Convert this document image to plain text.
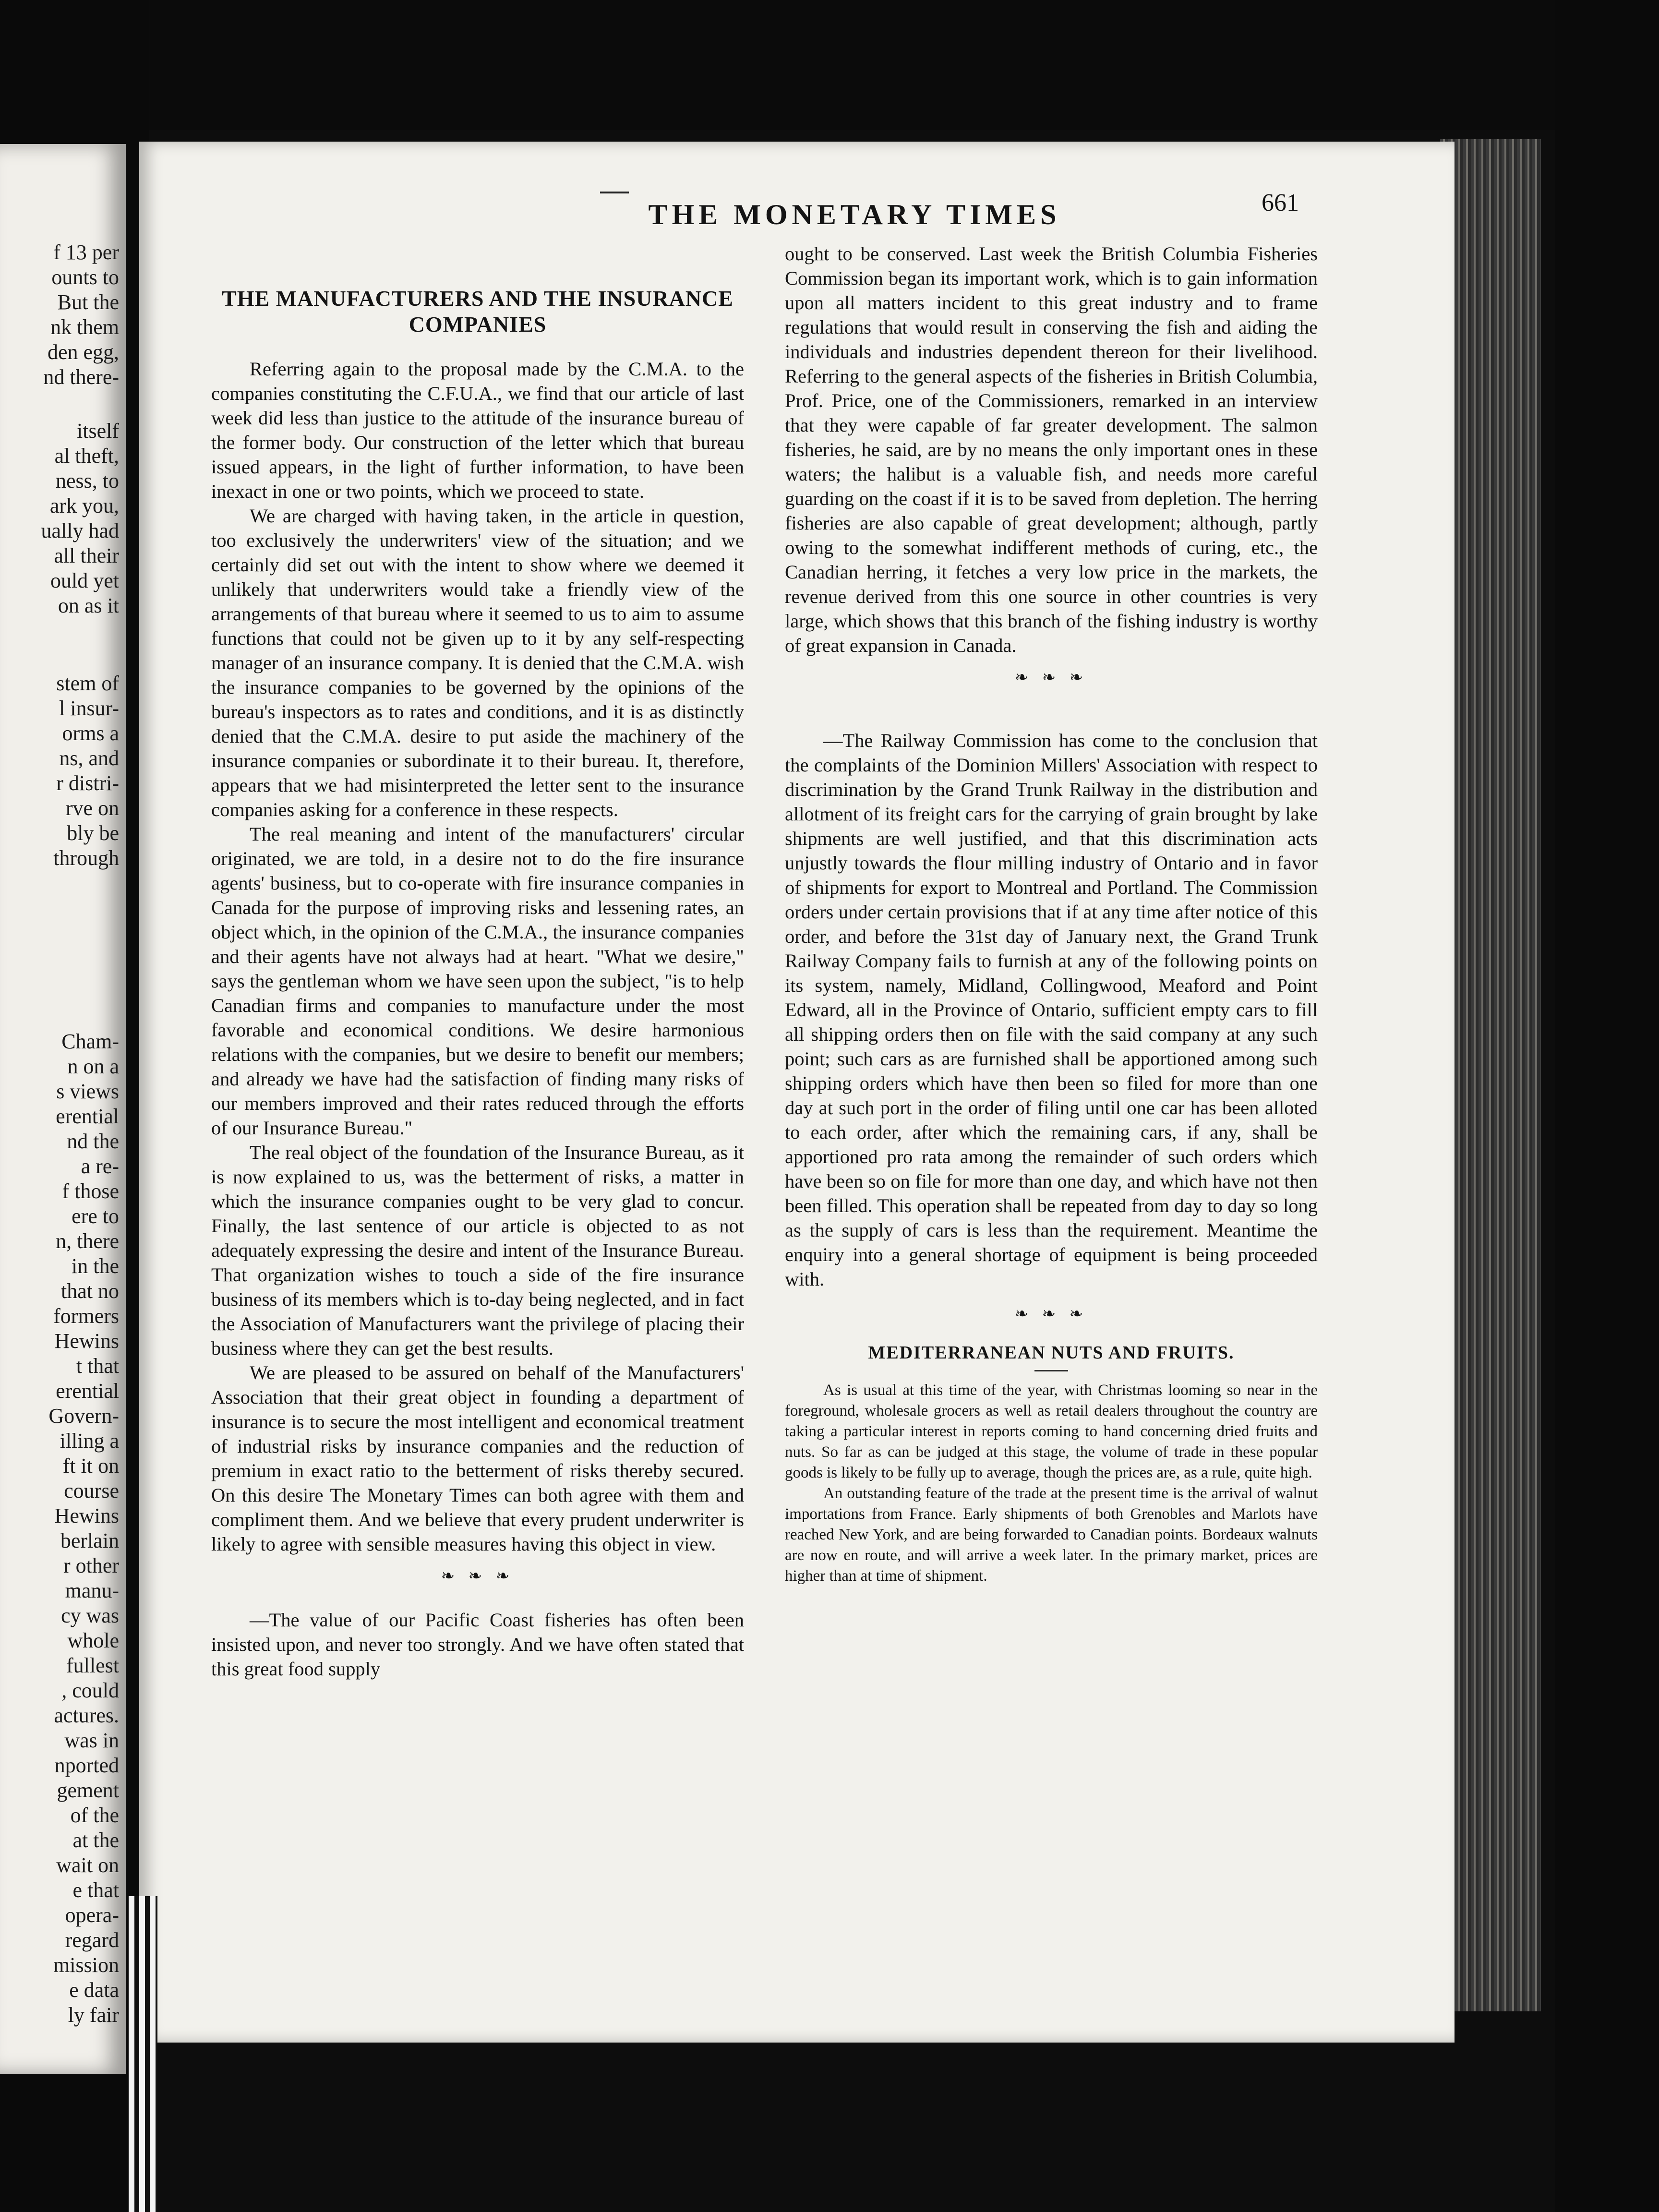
f 13 per
ounts to
But the
nk them
den egg,
nd there-
itself
al theft,
ness, to
ark you,
ually had
all their
ould yet
on as it
stem of
l insur-
orms a
ns, and
r distri-
rve on
bly be
through
Cham-
n on a
s views
erential
nd the
a re-
f those
ere to
n, there
in the
that no
formers
Hewins
t that
erential
Govern-
illing a
ft it on
course
Hewins
berlain
r other
manu-
cy was
whole
fullest
, could
actures.
was in
nported
gement
of the
at the
wait on
e that
opera-
regard
mission
e data
ly fair
THE MONETARY TIMES	661
THE MANUFACTURERS AND THE INSURANCE COMPANIES

Referring again to the proposal made by the C.M.A. to the companies constituting the C.F.U.A., we find that our article of last week did less than justice to the attitude of the insurance bureau of the former body. Our construction of the letter which that bureau issued appears, in the light of further information, to have been inexact in one or two points, which we proceed to state.

We are charged with having taken, in the article in question, too exclusively the underwriters' view of the situation; and we certainly did set out with the intent to show where we deemed it unlikely that underwriters would take a friendly view of the arrangements of that bureau where it seemed to us to aim to assume functions that could not be given up to it by any self-respecting manager of an insurance company. It is denied that the C.M.A. wish the insurance companies to be governed by the opinions of the bureau's inspectors as to rates and conditions, and it is as distinctly denied that the C.M.A. desire to put aside the machinery of the insurance companies or subordinate it to their bureau. It, therefore, appears that we had misinterpreted the letter sent to the insurance companies asking for a conference in these respects.

The real meaning and intent of the manufacturers' circular originated, we are told, in a desire not to do the fire insurance agents' business, but to co-operate with fire insurance companies in Canada for the purpose of improving risks and lessening rates, an object which, in the opinion of the C.M.A., the insurance companies and their agents have not always had at heart. "What we desire," says the gentleman whom we have seen upon the subject, "is to help Canadian firms and companies to manufacture under the most favorable and economical conditions. We desire harmonious relations with the companies, but we desire to benefit our members; and already we have had the satisfaction of finding many risks of our members improved and their rates reduced through the efforts of our Insurance Bureau."

The real object of the foundation of the Insurance Bureau, as it is now explained to us, was the betterment of risks, a matter in which the insurance companies ought to be very glad to concur. Finally, the last sentence of our article is objected to as not adequately expressing the desire and intent of the Insurance Bureau. That organization wishes to touch a side of the fire insurance business of its members which is to-day being neglected, and in fact the Association of Manufacturers want the privilege of placing their business where they can get the best results.

We are pleased to be assured on behalf of the Manufacturers' Association that their great object in founding a department of insurance is to secure the most intelligent and economical treatment of industrial risks by insurance companies and the reduction of premium in exact ratio to the betterment of risks thereby secured. On this desire The Monetary Times can both agree with them and compliment them. And we believe that every prudent underwriter is likely to agree with sensible measures having this object in view.

❧ ❧ ❧

—The value of our Pacific Coast fisheries has often been insisted upon, and never too strongly. And we have often stated that this great food supply

ought to be conserved. Last week the British Columbia Fisheries Commission began its important work, which is to gain information upon all matters incident to this great industry and to frame regulations that would result in conserving the fish and aiding the individuals and industries dependent thereon for their livelihood. Referring to the general aspects of the fisheries in British Columbia, Prof. Price, one of the Commissioners, remarked in an interview that they were capable of far greater development. The salmon fisheries, he said, are by no means the only important ones in these waters; the halibut is a valuable fish, and needs more careful guarding on the coast if it is to be saved from depletion. The herring fisheries are also capable of great development; although, partly owing to the somewhat indifferent methods of curing, etc., the Canadian herring, it fetches a very low price in the markets, the revenue derived from this one source in other countries is very large, which shows that this branch of the fishing industry is worthy of great expansion in Canada.

❧ ❧ ❧

—The Railway Commission has come to the conclusion that the complaints of the Dominion Millers' Association with respect to discrimination by the Grand Trunk Railway in the distribution and allotment of its freight cars for the carrying of grain brought by lake shipments are well justified, and that this discrimination acts unjustly towards the flour milling industry of Ontario and in favor of shipments for export to Montreal and Portland. The Commission orders under certain provisions that if at any time after notice of this order, and before the 31st day of January next, the Grand Trunk Railway Company fails to furnish at any of the following points on its system, namely, Midland, Collingwood, Meaford and Point Edward, all in the Province of Ontario, sufficient empty cars to fill all shipping orders then on file with the said company at any such point; such cars as are furnished shall be apportioned among such shipping orders which have then been so filed for more than one day at such port in the order of filing until one car has been alloted to each order, after which the remaining cars, if any, shall be apportioned pro rata among the remainder of such orders which have been so on file for more than one day, and which have not then been filled. This operation shall be repeated from day to day so long as the supply of cars is less than the requirement. Meantime the enquiry into a general shortage of equipment is being proceeded with.

❧ ❧ ❧
MEDITERRANEAN NUTS AND FRUITS.

As is usual at this time of the year, with Christmas looming so near in the foreground, wholesale grocers as well as retail dealers throughout the country are taking a particular interest in reports coming to hand concerning dried fruits and nuts. So far as can be judged at this stage, the volume of trade in these popular goods is likely to be fully up to average, though the prices are, as a rule, quite high.

An outstanding feature of the trade at the present time is the arrival of walnut importations from France. Early shipments of both Grenobles and Marlots have reached New York, and are being forwarded to Canadian points. Bordeaux walnuts are now en route, and will arrive a week later. In the primary market, prices are higher than at time of shipment.
